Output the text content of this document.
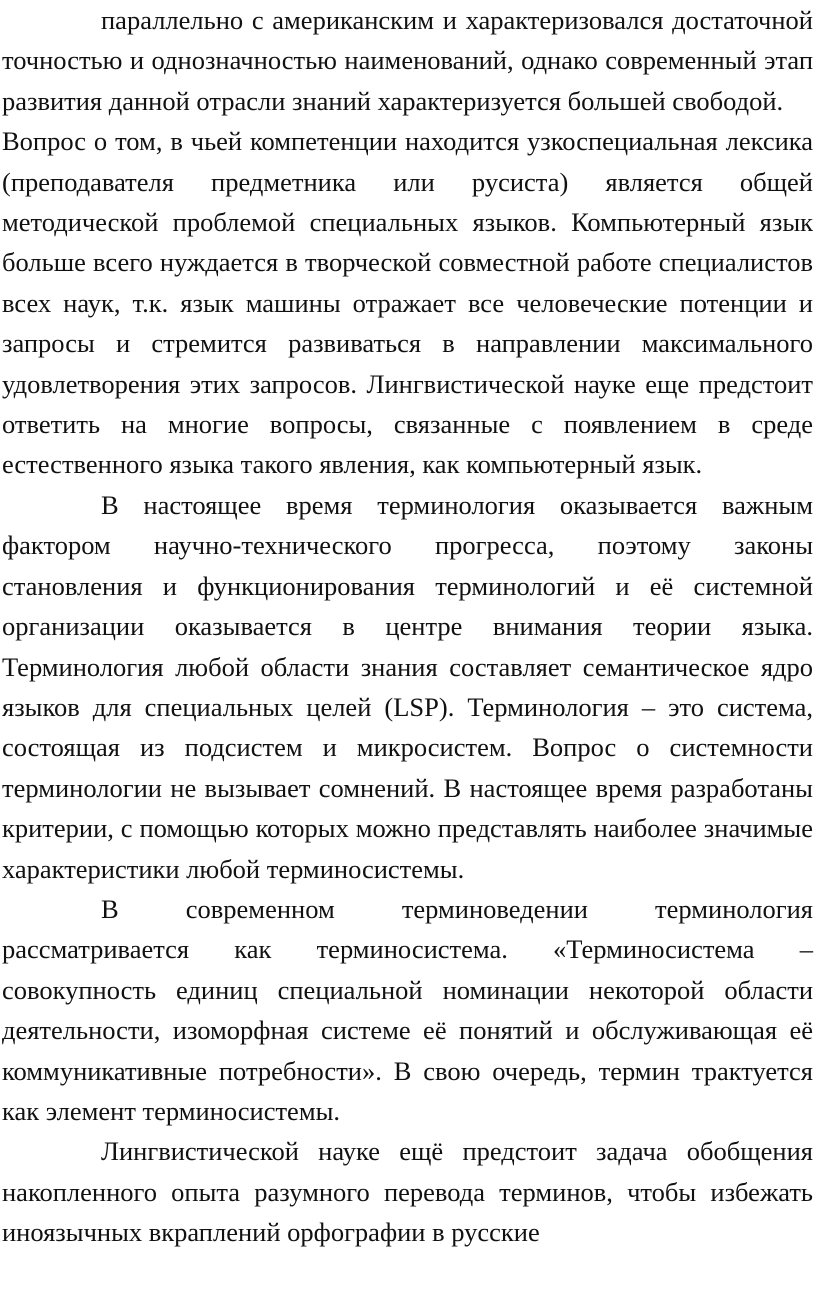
параллельно с американским и характеризовался достаточной точностью и однозначностью наименований, однако современный этап развития данной отрасли знаний характеризуется большей свободой.

Вопрос о том, в чьей компетенции находится узкоспециальная лексика (преподавателя предметника или русиста) является общей методической проблемой специальных языков. Компьютерный язык больше всего нуждается в творческой совместной работе специалистов всех наук, т.к. язык машины отражает все человеческие потенции и запросы и стремится развиваться в направлении максимального удовлетворения этих запросов. Лингвистической науке еще предстоит ответить на многие вопросы, связанные с появлением в среде естественного языка такого явления, как компьютерный язык.

В настоящее время терминология оказывается важным фактором научно-технического прогресса, поэтому законы становления и функционирования терминологий и её системной организации оказывается в центре внимания теории языка. Терминология любой области знания составляет семантическое ядро языков для специальных целей (LSP). Терминология – это система, состоящая из подсистем и микросистем. Вопрос о системности терминологии не вызывает сомнений. В настоящее время разработаны критерии, с помощью которых можно представлять наиболее значимые характеристики любой терминосистемы.

В современном терминоведении терминология рассматривается как терминосистема. «Терминосистема – совокупность единиц специальной номинации некоторой области деятельности, изоморфная системе её понятий и обслуживающая её коммуникативные потребности». В свою очередь, термин трактуется как элемент терминосистемы.

Лингвистической науке ещё предстоит задача обобщения накопленного опыта разумного перевода терминов, чтобы избежать иноязычных вкраплений орфографии в русские
